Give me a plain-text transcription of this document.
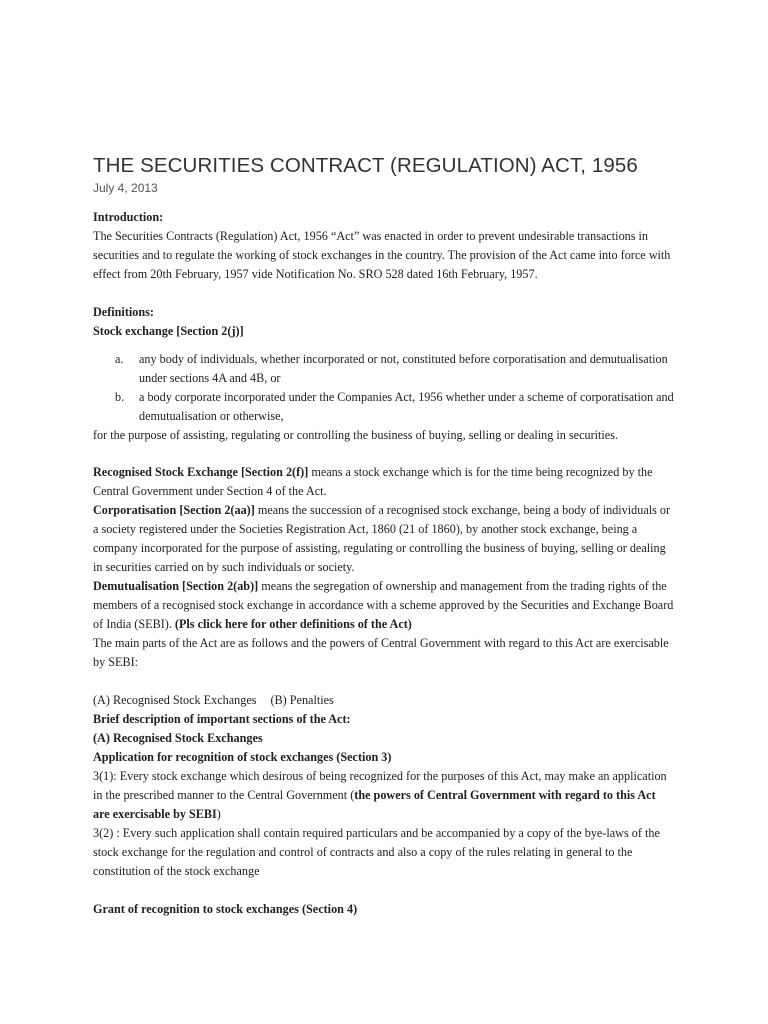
THE SECURITIES CONTRACT (REGULATION) ACT, 1956
July 4, 2013

Introduction:

The Securities Contracts (Regulation) Act, 1956 “Act” was enacted in order to prevent undesirable transactions in securities and to regulate the working of stock exchanges in the country. The provision of the Act came into force with effect from 20th February, 1957 vide Notification No. SRO 528 dated 16th February, 1957.

Definitions:

Stock exchange [Section 2(j)]

a. any body of individuals, whether incorporated or not, constituted before corporatisation and demutualisation under sections 4A and 4B, or
b. a body corporate incorporated under the Companies Act, 1956 whether under a scheme of corporatisation and demutualisation or otherwise,

for the purpose of assisting, regulating or controlling the business of buying, selling or dealing in securities.

Recognised Stock Exchange [Section 2(f)] means a stock exchange which is for the time being recognized by the Central Government under Section 4 of the Act.

Corporatisation [Section 2(aa)] means the succession of a recognised stock exchange, being a body of individuals or a society registered under the Societies Registration Act, 1860 (21 of 1860), by another stock exchange, being a company incorporated for the purpose of assisting, regulating or controlling the business of buying, selling or dealing in securities carried on by such individuals or society.

Demutualisation [Section 2(ab)] means the segregation of ownership and management from the trading rights of the members of a recognised stock exchange in accordance with a scheme approved by the Securities and Exchange Board of India (SEBI). (Pls click here for other definitions of the Act)

The main parts of the Act are as follows and the powers of Central Government with regard to this Act are exercisable by SEBI:

(A) Recognised Stock Exchanges (B) Penalties

Brief description of important sections of the Act:

(A) Recognised Stock Exchanges

Application for recognition of stock exchanges (Section 3)

3(1): Every stock exchange which desirous of being recognized for the purposes of this Act, may make an application in the prescribed manner to the Central Government (the powers of Central Government with regard to this Act are exercisable by SEBI)

3(2) : Every such application shall contain required particulars and be accompanied by a copy of the bye-laws of the stock exchange for the regulation and control of contracts and also a copy of the rules relating in general to the constitution of the stock exchange

Grant of recognition to stock exchanges (Section 4)
